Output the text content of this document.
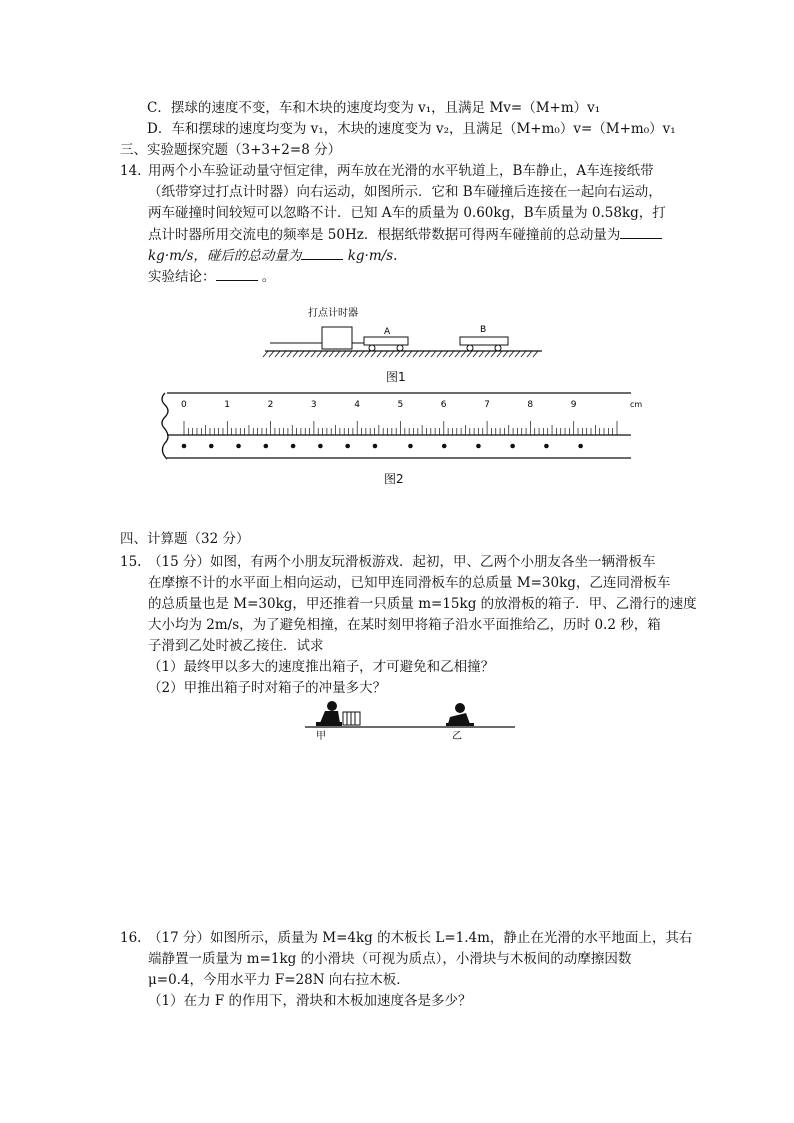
C．摆球的速度不变，车和木块的速度均变为 v₁，且满足 Mv=（M+m）v₁
D．车和摆球的速度均变为 v₁，木块的速度变为 v₂，且满足（M+m₀）v=（M+m₀）v₁
三、实验题探究题（3+3+2=8 分）
14. 用两个小车验证动量守恒定律，两车放在光滑的水平轨道上，B车静止，A车连接纸带
（纸带穿过打点计时器）向右运动，如图所示．它和 B车碰撞后连接在一起向右运动，
两车碰撞时间较短可以忽略不计．已知 A车的质量为 0.60kg，B车质量为 0.58kg，打
点计时器所用交流电的频率是 50Hz．根据纸带数据可得两车碰撞前的总动量为
kg·m/s，碰后的总动量为	kg·m/s.
实验结论：	。
打点计时器
A	B
图1
0	1	2	3	4	5	6	7	8	9	cm
图2
四、计算题（32 分）
15. （15 分）如图，有两个小朋友玩滑板游戏．起初，甲、乙两个小朋友各坐一辆滑板车
在摩擦不计的水平面上相向运动，已知甲连同滑板车的总质量 M=30kg，乙连同滑板车
的总质量也是 M=30kg，甲还推着一只质量 m=15kg 的放滑板的箱子．甲、乙滑行的速度
大小均为 2m/s，为了避免相撞，在某时刻甲将箱子沿水平面推给乙，历时 0.2 秒，箱
子滑到乙处时被乙接住．试求
（1）最终甲以多大的速度推出箱子，才可避免和乙相撞？
（2）甲推出箱子时对箱子的冲量多大？
甲	乙
16. （17 分）如图所示，质量为 M=4kg 的木板长 L=1.4m，静止在光滑的水平地面上，其右
端静置一质量为 m=1kg 的小滑块（可视为质点），小滑块与木板间的动摩擦因数
μ=0.4，今用水平力 F=28N 向右拉木板．
（1）在力 F 的作用下，滑块和木板加速度各是多少？
